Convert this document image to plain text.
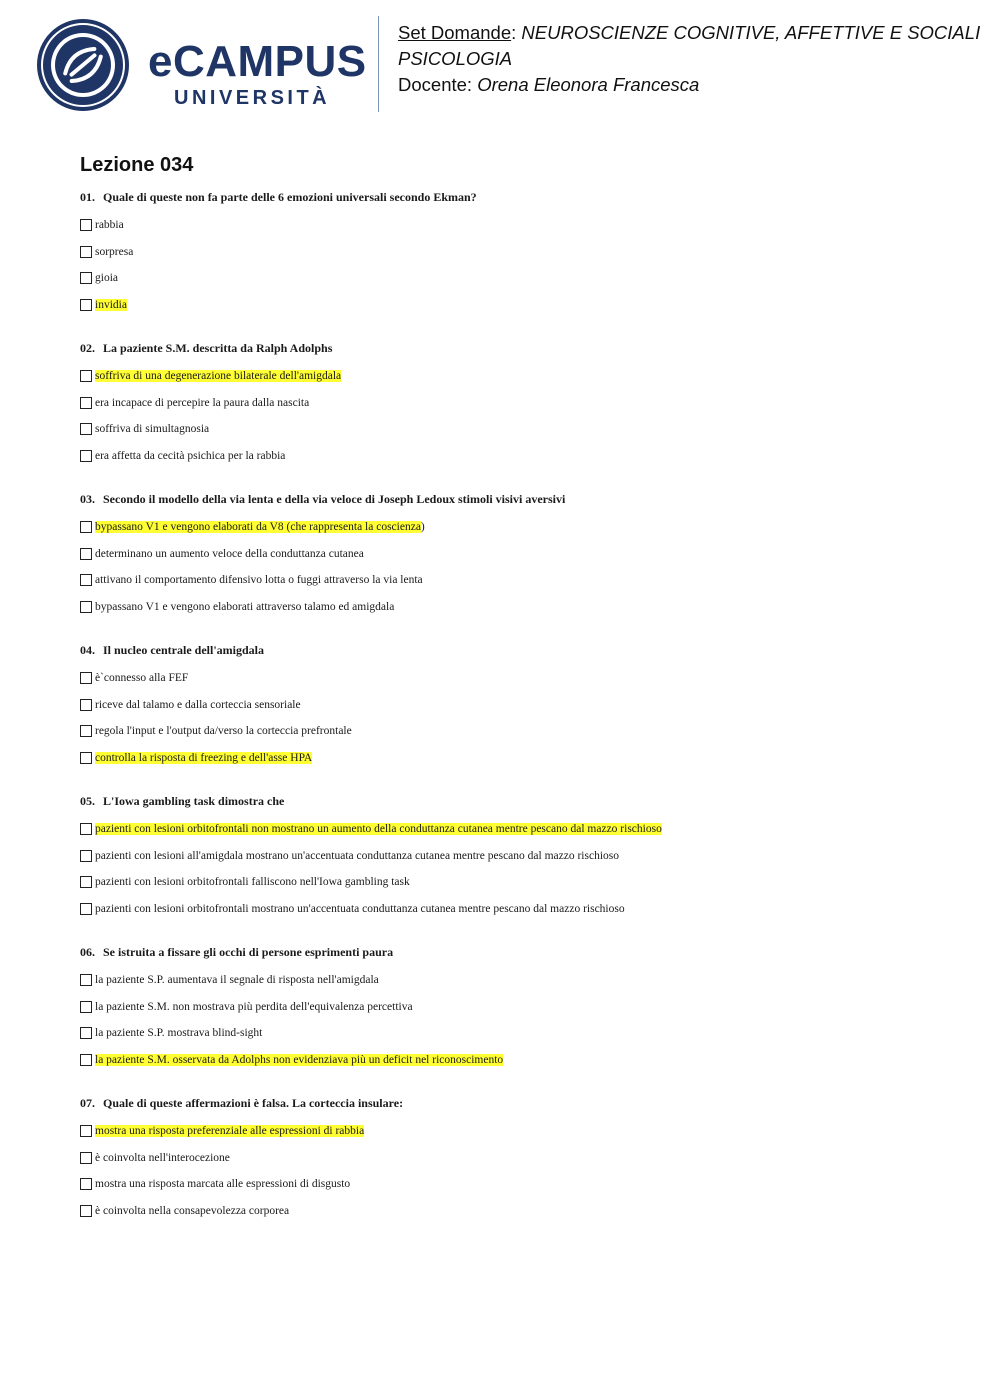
eCAMPUS
UNIVERSITÀ
Set Domande: NEUROSCIENZE COGNITIVE, AFFETTIVE E SOCIALI
PSICOLOGIA
Docente: Orena Eleonora Francesca
Lezione 034
01. Quale di queste non fa parte delle 6 emozioni universali secondo Ekman?
rabbia
sorpresa
gioia
invidia
02. La paziente S.M. descritta da Ralph Adolphs
soffriva di una degenerazione bilaterale dell'amigdala
era incapace di percepire la paura dalla nascita
soffriva di simultagnosia
era affetta da cecità psichica per la rabbia
03. Secondo il modello della via lenta e della via veloce di Joseph Ledoux stimoli visivi aversivi
bypassano V1 e vengono elaborati da V8 (che rappresenta la coscienza )
determinano un aumento veloce della conduttanza cutanea
attivano il comportamento difensivo lotta o fuggi attraverso la via lenta
bypassano V1 e vengono elaborati attraverso talamo ed amigdala
04. Il nucleo centrale dell'amigdala
è`connesso alla FEF
riceve dal talamo e dalla corteccia sensoriale
regola l'input e l'output da/verso la corteccia prefrontale
controlla la risposta di freezing e dell'asse HPA
05. L'Iowa gambling task dimostra che
pazienti con lesioni orbitofrontali non mostrano un aumento della conduttanza cutanea mentre pescano dal mazzo rischioso
pazienti con lesioni all'amigdala mostrano un'accentuata conduttanza cutanea mentre pescano dal mazzo rischioso
pazienti con lesioni orbitofrontali falliscono nell'Iowa gambling task
pazienti con lesioni orbitofrontali mostrano un'accentuata conduttanza cutanea mentre pescano dal mazzo rischioso
06. Se istruita a fissare gli occhi di persone esprimenti paura
la paziente S.P. aumentava il segnale di risposta nell'amigdala
la paziente S.M. non mostrava più perdita dell'equivalenza percettiva
la paziente S.P. mostrava blind-sight
la paziente S.M. osservata da Adolphs non evidenziava più un deficit nel riconoscimento
07. Quale di queste affermazioni è falsa. La corteccia insulare:
mostra una risposta preferenziale alle espressioni di rabbia
è coinvolta nell'interocezione
mostra una risposta marcata alle espressioni di disgusto
è coinvolta nella consapevolezza corporea
